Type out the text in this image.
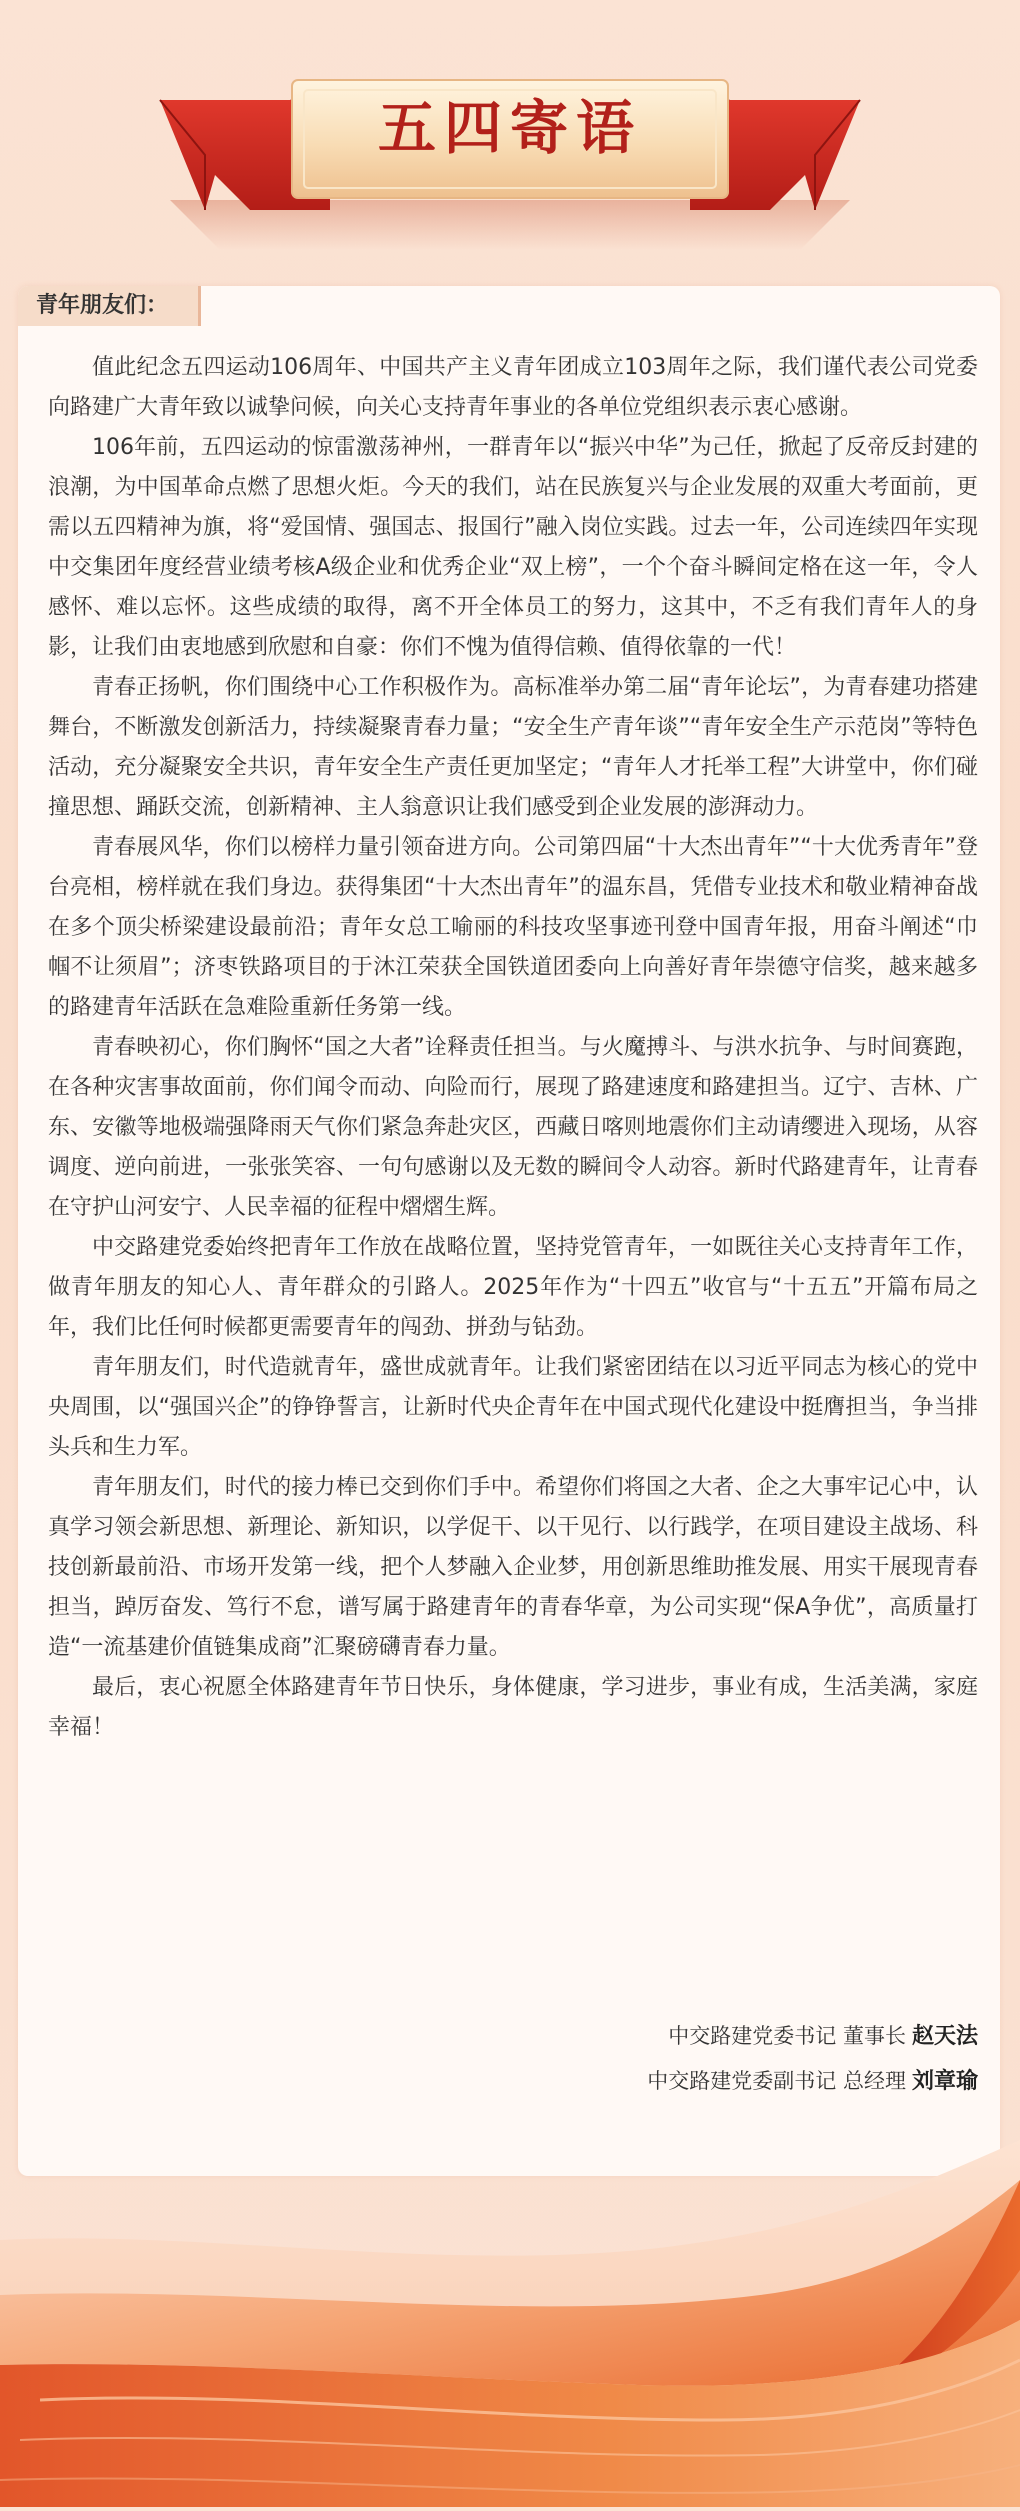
五四寄语
青年朋友们：

值此纪念五四运动106周年、中国共产主义青年团成立103周年之际，我们谨代表公司党委向路建广大青年致以诚挚问候，向关心支持青年事业的各单位党组织表示衷心感谢。

106年前，五四运动的惊雷激荡神州，一群青年以“振兴中华”为己任，掀起了反帝反封建的浪潮，为中国革命点燃了思想火炬。今天的我们，站在民族复兴与企业发展的双重大考面前，更需以五四精神为旗，将“爱国情、强国志、报国行”融入岗位实践。过去一年，公司连续四年实现中交集团年度经营业绩考核A级企业和优秀企业“双上榜”，一个个奋斗瞬间定格在这一年，令人感怀、难以忘怀。这些成绩的取得，离不开全体员工的努力，这其中，不乏有我们青年人的身影，让我们由衷地感到欣慰和自豪：你们不愧为值得信赖、值得依靠的一代！

青春正扬帆，你们围绕中心工作积极作为。高标准举办第二届“青年论坛”，为青春建功搭建舞台，不断激发创新活力，持续凝聚青春力量；“安全生产青年谈”“青年安全生产示范岗”等特色活动，充分凝聚安全共识，青年安全生产责任更加坚定；“青年人才托举工程”大讲堂中，你们碰撞思想、踊跃交流，创新精神、主人翁意识让我们感受到企业发展的澎湃动力。

青春展风华，你们以榜样力量引领奋进方向。公司第四届“十大杰出青年”“十大优秀青年”登台亮相，榜样就在我们身边。获得集团“十大杰出青年”的温东昌，凭借专业技术和敬业精神奋战在多个顶尖桥梁建设最前沿；青年女总工喻丽的科技攻坚事迹刊登中国青年报，用奋斗阐述“巾帼不让须眉”；济枣铁路项目的于沐江荣获全国铁道团委向上向善好青年崇德守信奖，越来越多的路建青年活跃在急难险重新任务第一线。

青春映初心，你们胸怀“国之大者”诠释责任担当。与火魔搏斗、与洪水抗争、与时间赛跑，在各种灾害事故面前，你们闻令而动、向险而行，展现了路建速度和路建担当。辽宁、吉林、广东、安徽等地极端强降雨天气你们紧急奔赴灾区，西藏日喀则地震你们主动请缨进入现场，从容调度、逆向前进，一张张笑容、一句句感谢以及无数的瞬间令人动容。新时代路建青年，让青春在守护山河安宁、人民幸福的征程中熠熠生辉。

中交路建党委始终把青年工作放在战略位置，坚持党管青年，一如既往关心支持青年工作，做青年朋友的知心人、青年群众的引路人。2025年作为“十四五”收官与“十五五”开篇布局之年，我们比任何时候都更需要青年的闯劲、拼劲与钻劲。

青年朋友们，时代造就青年，盛世成就青年。让我们紧密团结在以习近平同志为核心的党中央周围，以“强国兴企”的铮铮誓言，让新时代央企青年在中国式现代化建设中挺膺担当，争当排头兵和生力军。

青年朋友们，时代的接力棒已交到你们手中。希望你们将国之大者、企之大事牢记心中，认真学习领会新思想、新理论、新知识，以学促干、以干见行、以行践学，在项目建设主战场、科技创新最前沿、市场开发第一线，把个人梦融入企业梦，用创新思维助推发展、用实干展现青春担当，踔厉奋发、笃行不怠，谱写属于路建青年的青春华章，为公司实现“保A争优”，高质量打造“一流基建价值链集成商”汇聚磅礴青春力量。

最后，衷心祝愿全体路建青年节日快乐，身体健康，学习进步，事业有成，生活美满，家庭幸福！

中交路建党委书记 董事长 赵天法
中交路建党委副书记 总经理 刘章瑜
